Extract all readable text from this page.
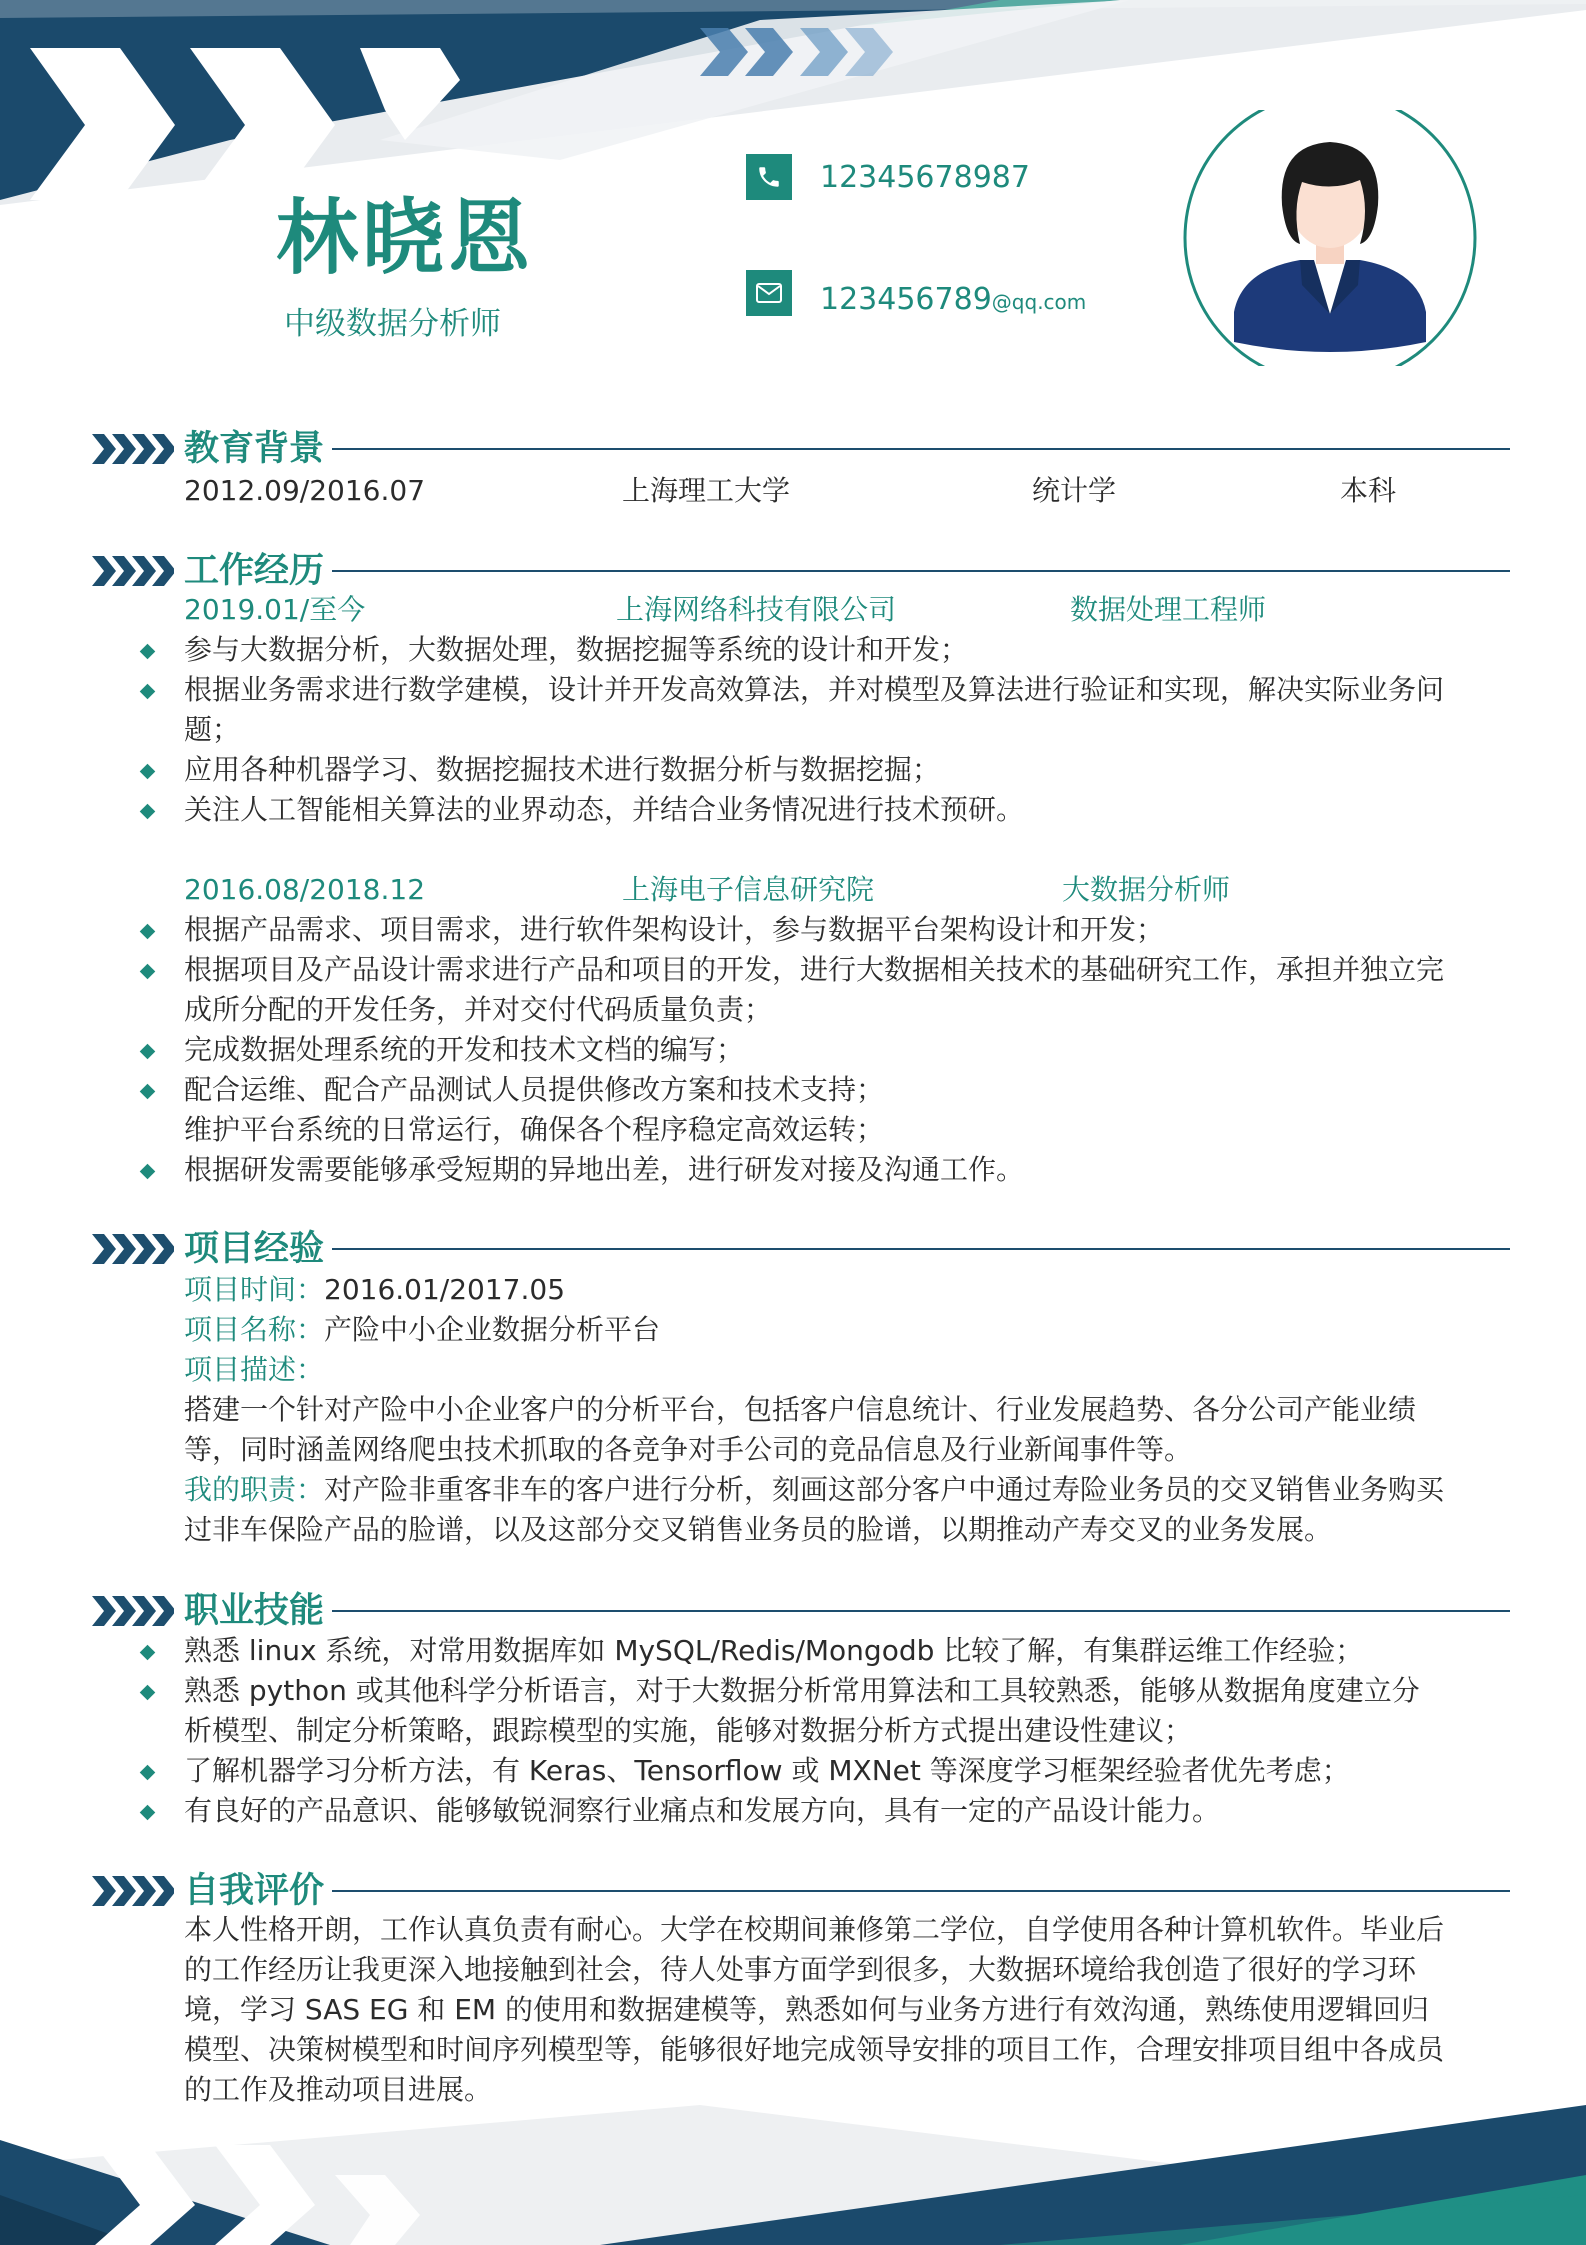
林晓恩
中级数据分析师
12345678987
123456789@qq.com
教育背景
2012.09/2016.07	上海理工大学	统计学	本科
工作经历
2019.01/至今	上海网络科技有限公司	数据处理工程师
参与大数据分析，大数据处理，数据挖掘等系统的设计和开发；
根据业务需求进行数学建模，设计并开发高效算法，并对模型及算法进行验证和实现，解决实际业务问题；
应用各种机器学习、数据挖掘技术进行数据分析与数据挖掘；
关注人工智能相关算法的业界动态，并结合业务情况进行技术预研。
2016.08/2018.12	上海电子信息研究院	大数据分析师
根据产品需求、项目需求，进行软件架构设计，参与数据平台架构设计和开发；
根据项目及产品设计需求进行产品和项目的开发，进行大数据相关技术的基础研究工作，承担并独立完成所分配的开发任务，并对交付代码质量负责；
完成数据处理系统的开发和技术文档的编写；
配合运维、配合产品测试人员提供修改方案和技术支持；
维护平台系统的日常运行，确保各个程序稳定高效运转；
根据研发需要能够承受短期的异地出差，进行研发对接及沟通工作。
项目经验
项目时间：2016.01/2017.05
项目名称：产险中小企业数据分析平台
项目描述：
搭建一个针对产险中小企业客户的分析平台，包括客户信息统计、行业发展趋势、各分公司产能业绩等，同时涵盖网络爬虫技术抓取的各竞争对手公司的竞品信息及行业新闻事件等。
我的职责：对产险非重客非车的客户进行分析，刻画这部分客户中通过寿险业务员的交叉销售业务购买过非车保险产品的脸谱，以及这部分交叉销售业务员的脸谱，以期推动产寿交叉的业务发展。
职业技能
熟悉 linux 系统，对常用数据库如 MySQL/Redis/Mongodb 比较了解，有集群运维工作经验；
熟悉 python 或其他科学分析语言，对于大数据分析常用算法和工具较熟悉，能够从数据角度建立分析模型、制定分析策略，跟踪模型的实施，能够对数据分析方式提出建设性建议；
了解机器学习分析方法，有 Keras、Tensorflow 或 MXNet 等深度学习框架经验者优先考虑；
有良好的产品意识、能够敏锐洞察行业痛点和发展方向，具有一定的产品设计能力。
自我评价
本人性格开朗，工作认真负责有耐心。大学在校期间兼修第二学位，自学使用各种计算机软件。毕业后的工作经历让我更深入地接触到社会，待人处事方面学到很多，大数据环境给我创造了很好的学习环境，学习 SAS EG 和 EM 的使用和数据建模等，熟悉如何与业务方进行有效沟通，熟练使用逻辑回归模型、决策树模型和时间序列模型等，能够很好地完成领导安排的项目工作，合理安排项目组中各成员的工作及推动项目进展。
